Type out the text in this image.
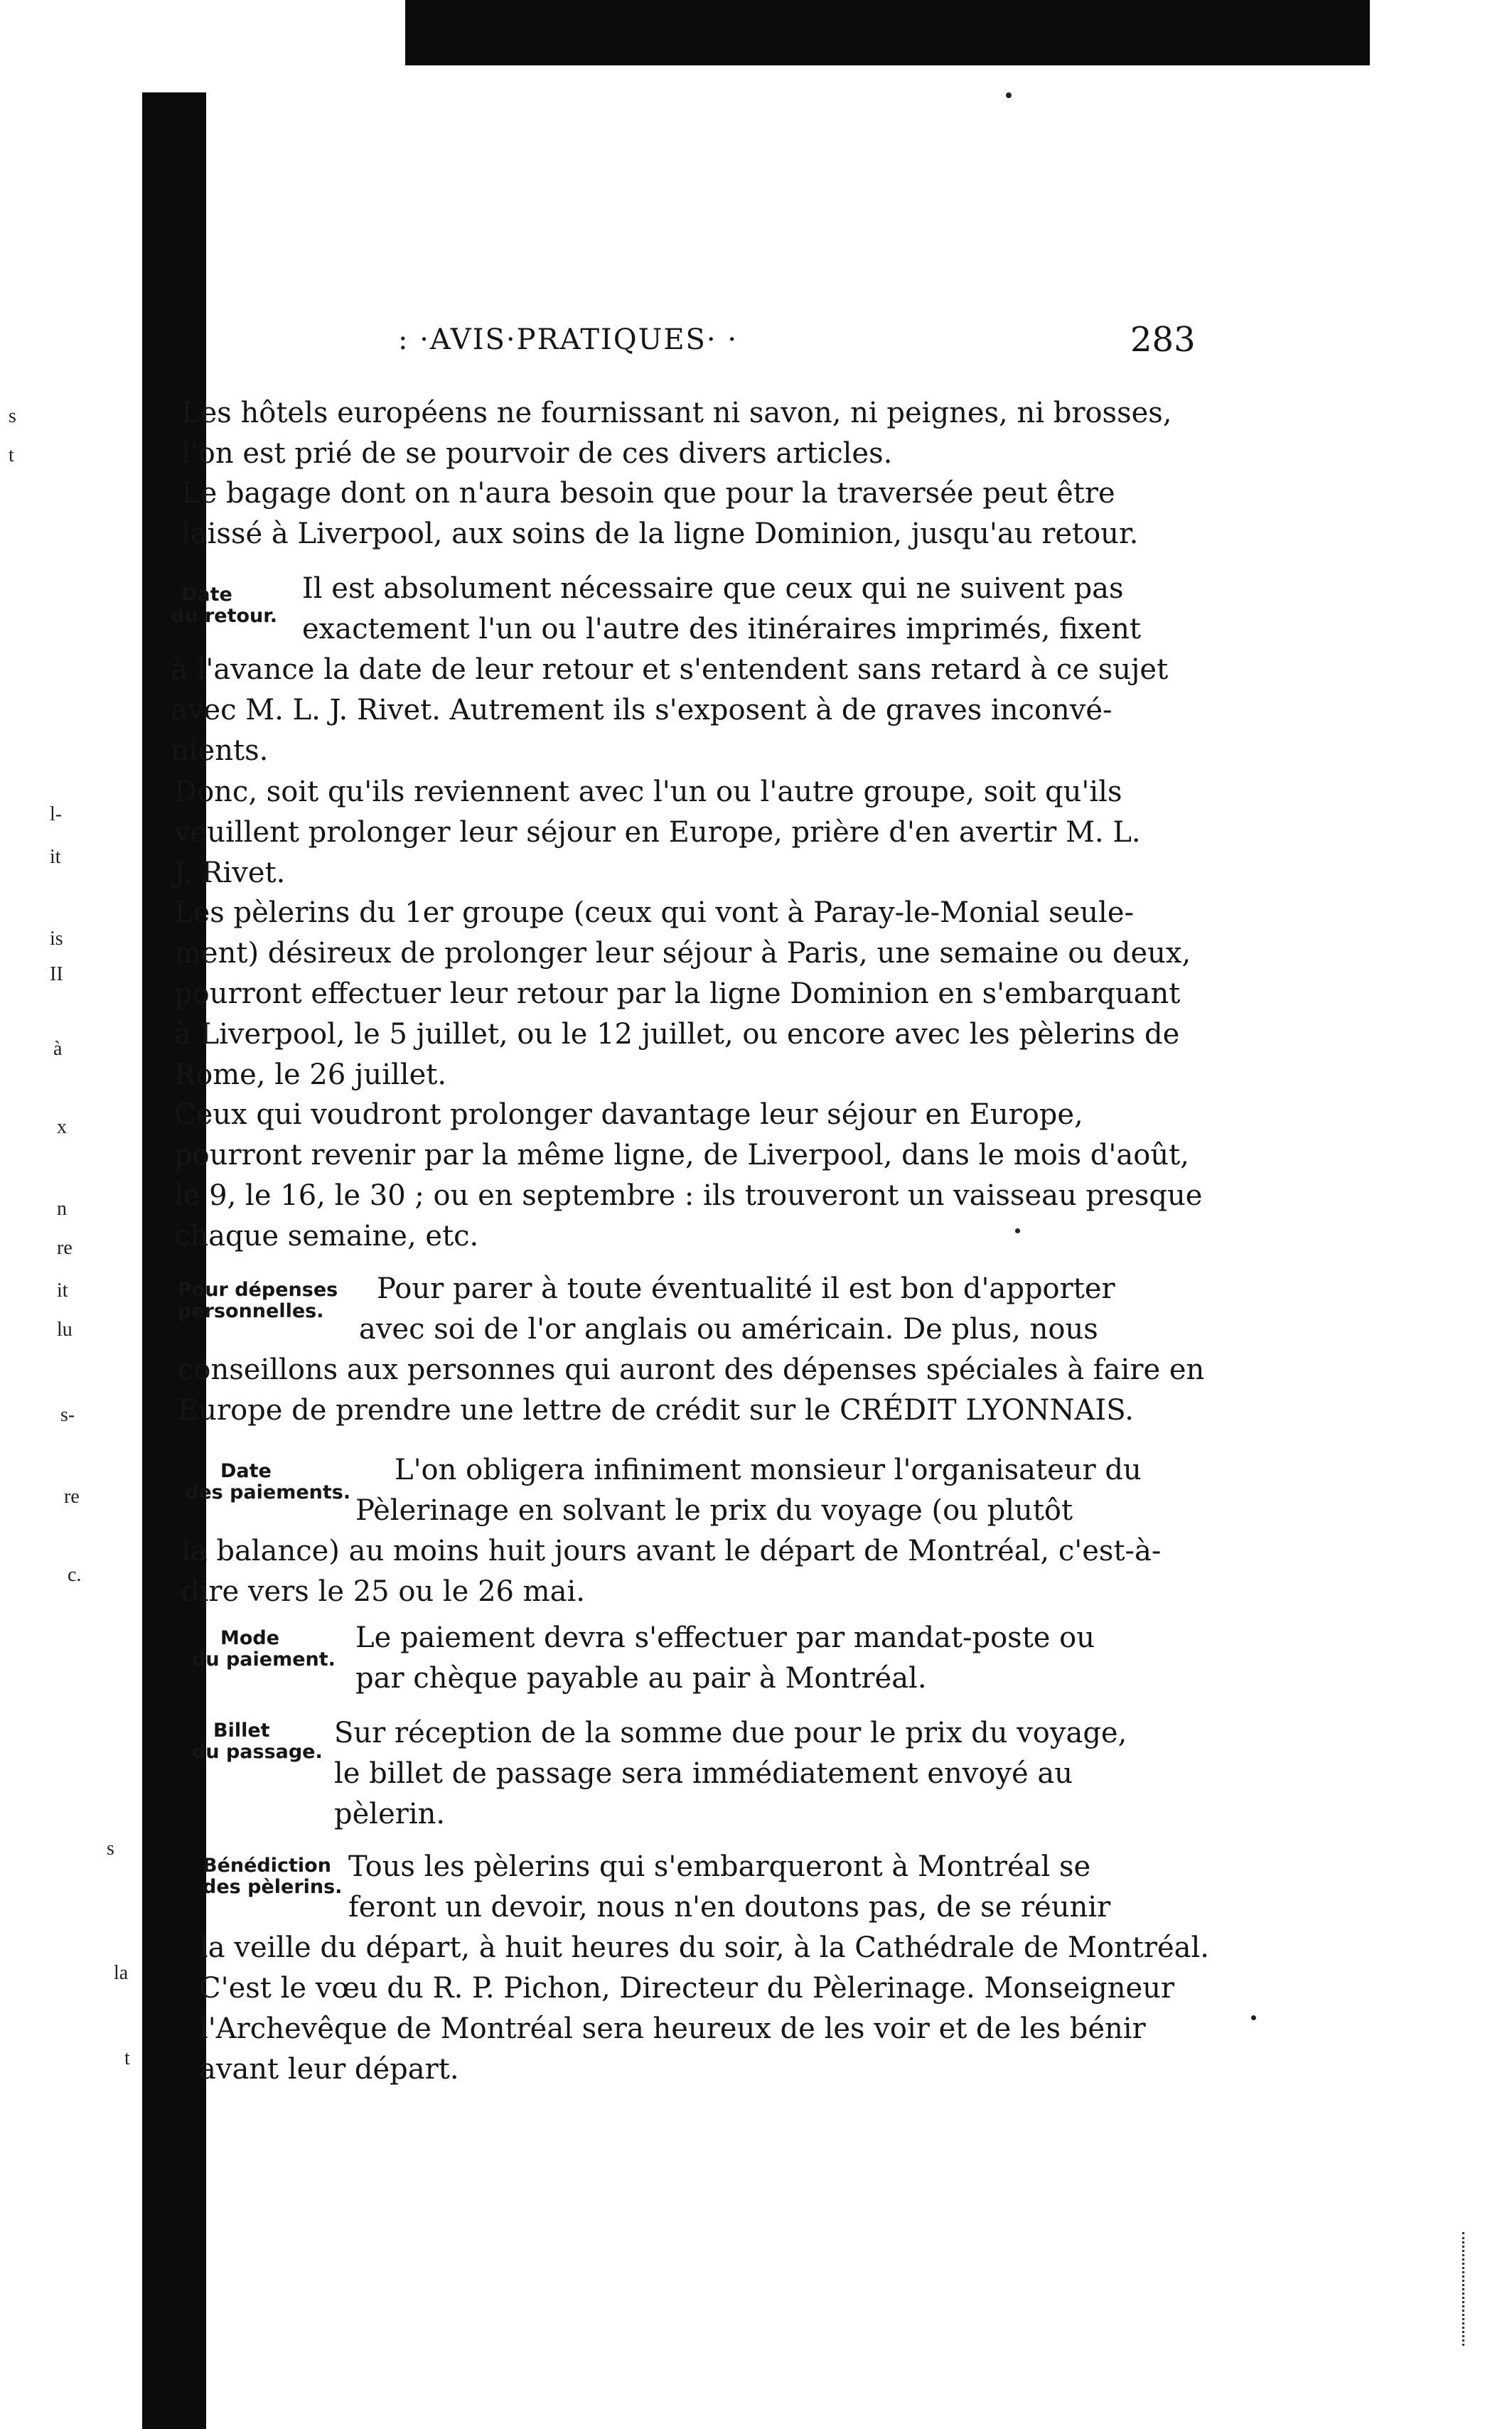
s
t
l-
it
is
II
à
x
n
re
it
lu
s-
re
c.
s
la
t
: ·AVIS·PRATIQUES· ·	283
Les hôtels européens ne fournissant ni savon, ni peignes, ni brosses,
l'on est prié de se pourvoir de ces divers articles.
Le bagage dont on n'aura besoin que pour la traversée peut être
laissé à Liverpool, aux soins de la ligne Dominion, jusqu'au retour.
Il est absolument nécessaire que ceux qui ne suivent pas
exactement l'un ou l'autre des itinéraires imprimés, fixent
à l'avance la date de leur retour et s'entendent sans retard à ce sujet
avec M. L. J. Rivet. Autrement ils s'exposent à de graves inconvé-
nients.
Donc, soit qu'ils reviennent avec l'un ou l'autre groupe, soit qu'ils
veuillent prolonger leur séjour en Europe, prière d'en avertir M. L.
J. Rivet.
Les pèlerins du 1er groupe (ceux qui vont à Paray-le-Monial seule-
ment) désireux de prolonger leur séjour à Paris, une semaine ou deux,
pourront effectuer leur retour par la ligne Dominion en s'embarquant
à Liverpool, le 5 juillet, ou le 12 juillet, ou encore avec les pèlerins de
Rome, le 26 juillet.
Ceux qui voudront prolonger davantage leur séjour en Europe,
pourront revenir par la même ligne, de Liverpool, dans le mois d'août,
le 9, le 16, le 30 ; ou en septembre : ils trouveront un vaisseau presque
chaque semaine, etc.
Pour parer à toute éventualité il est bon d'apporter
avec soi de l'or anglais ou américain. De plus, nous
conseillons aux personnes qui auront des dépenses spéciales à faire en
Europe de prendre une lettre de crédit sur le CRÉDIT LYONNAIS.
L'on obligera infiniment monsieur l'organisateur du
Pèlerinage en solvant le prix du voyage (ou plutôt
la balance) au moins huit jours avant le départ de Montréal, c'est-à-
dire vers le 25 ou le 26 mai.
Le paiement devra s'effectuer par mandat-poste ou
par chèque payable au pair à Montréal.
Sur réception de la somme due pour le prix du voyage,
le billet de passage sera immédiatement envoyé au
pèlerin.
Tous les pèlerins qui s'embarqueront à Montréal se
feront un devoir, nous n'en doutons pas, de se réunir
la veille du départ, à huit heures du soir, à la Cathédrale de Montréal.
C'est le vœu du R. P. Pichon, Directeur du Pèlerinage. Monseigneur
l'Archevêque de Montréal sera heureux de les voir et de les bénir
avant leur départ.
Date
du retour.
Pour dépenses
personnelles.
Date
des paiements.
Mode
du paiement.
Billet
du passage.
Bénédiction
des pèlerins.
